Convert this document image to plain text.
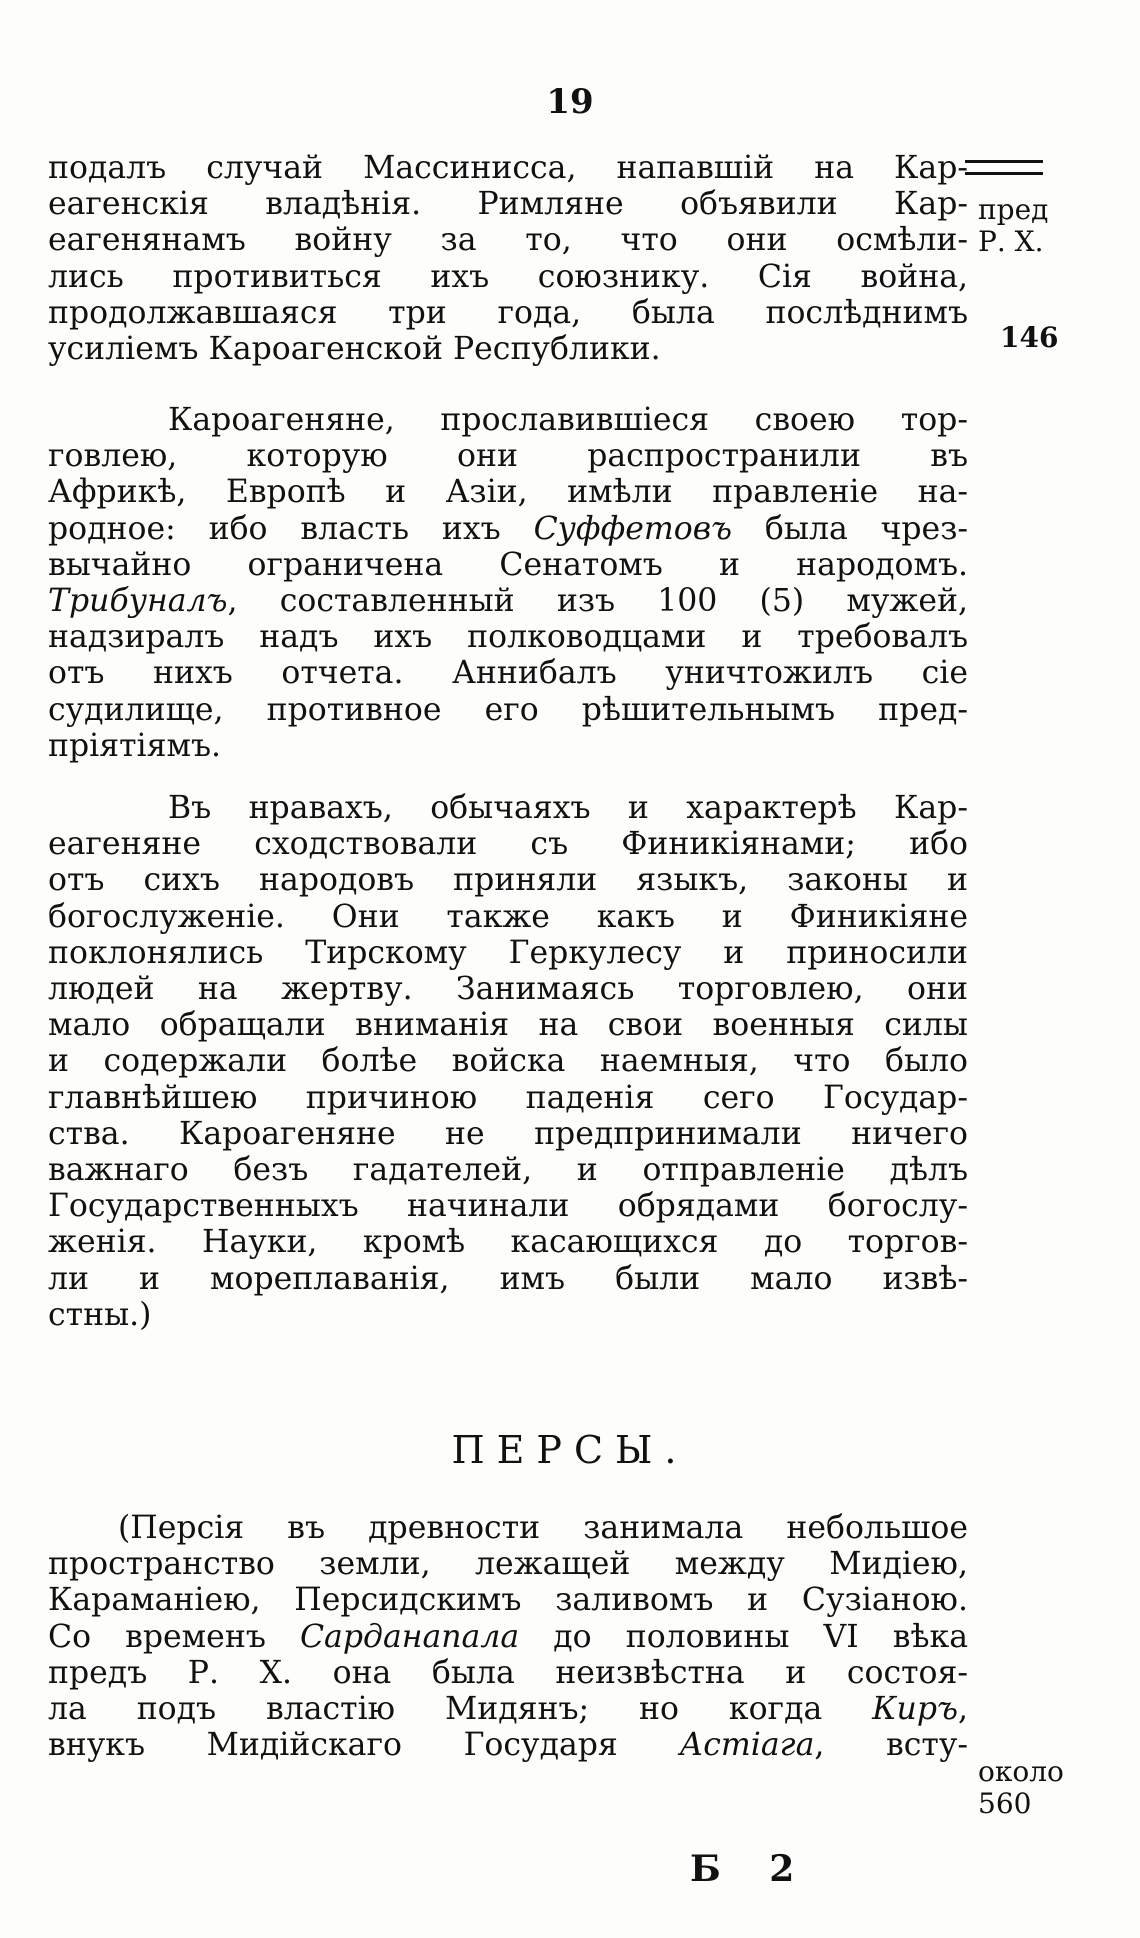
19
пред
Р. Х.
146
подалъ случай Массинисса, напавшій на Кар-
еагенскія владѣнія. Римляне объявили Кар-
еагенянамъ войну за то, что они осмѣли-
лись противиться ихъ союзнику. Сія война,
продолжавшаяся три года, была послѣднимъ
усиліемъ Кароагенской Республики.
Кароагеняне, прославившіеся своею тор-
говлею, которую они распространили въ
Африкѣ, Европѣ и Азіи, имѣли правленіе на-
родное: ибо власть ихъ Суффетовъ была чрез-
вычайно ограничена Сенатомъ и народомъ.
Трибуналъ, составленный изъ 100 (5) мужей,
надзиралъ надъ ихъ полководцами и требовалъ
отъ нихъ отчета. Аннибалъ уничтожилъ сіе
судилище, противное его рѣшительнымъ пред-
пріятіямъ.
Въ нравахъ, обычаяхъ и характерѣ Кар-
еагеняне сходствовали съ Финикіянами; ибо
отъ сихъ народовъ приняли языкъ, законы и
богослуженіе. Они также какъ и Финикіяне
поклонялись Тирскому Геркулесу и приносили
людей на жертву. Занимаясь торговлею, они
мало обращали вниманія на свои военныя силы
и содержали болѣе войска наемныя, что было
главнѣйшею причиною паденія сего Государ-
ства. Кароагеняне не предпринимали ничего
важнаго безъ гадателей, и отправленіе дѣлъ
Государственныхъ начинали обрядами богослу-
женія. Науки, кромѣ касающихся до торгов-
ли и мореплаванія, имъ были мало извѣ-
стны.)
ПЕРСЫ.
(Персія въ древности занимала небольшое
пространство земли, лежащей между Мидіею,
Караманіею, Персидскимъ заливомъ и Сузіаною.
Со временъ Сарданапала до половины VI вѣка
предъ Р. Х. она была неизвѣстна и состоя-
ла подъ властію Мидянъ; но когда Киръ,
внукъ Мидійскаго Государя Астіага, всту-
около
560
Б 2
